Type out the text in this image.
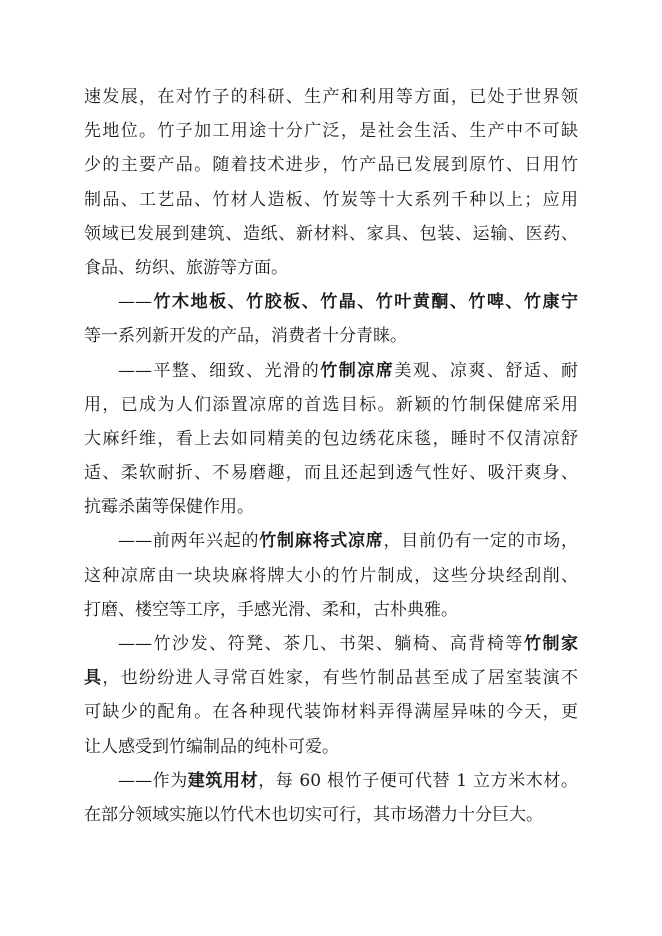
速发展，在对竹子的科研、生产和利用等方面，已处于世界领
先地位。竹子加工用途十分广泛，是社会生活、生产中不可缺
少的主要产品。随着技术进步，竹产品已发展到原竹、日用竹
制品、工艺品、竹材人造板、竹炭等十大系列千种以上；应用
领域已发展到建筑、造纸、新材料、家具、包装、运输、医药、
食品、纺织、旅游等方面。
——竹木地板、竹胶板、竹晶、竹叶黄酮、竹啤、竹康宁
等一系列新开发的产品，消费者十分青睐。
——平整、细致、光滑的竹制凉席美观、凉爽、舒适、耐
用，已成为人们添置凉席的首选目标。新颖的竹制保健席采用
大麻纤维，看上去如同精美的包边绣花床毯，睡时不仅清凉舒
适、柔软耐折、不易磨趣，而且还起到透气性好、吸汗爽身、
抗霉杀菌等保健作用。
——前两年兴起的竹制麻将式凉席，目前仍有一定的市场，
这种凉席由一块块麻将牌大小的竹片制成，这些分块经刮削、
打磨、楼空等工序，手感光滑、柔和，古朴典雅。
——竹沙发、符凳、茶几、书架、躺椅、高背椅等竹制家
具，也纷纷进人寻常百姓家，有些竹制品甚至成了居室装演不
可缺少的配角。在各种现代装饰材料弄得满屋异味的今天，更
让人感受到竹编制品的纯朴可爱。
——作为建筑用材，每 60 根竹子便可代替 1 立方米木材。
在部分领域实施以竹代木也切实可行，其市场潜力十分巨大。
